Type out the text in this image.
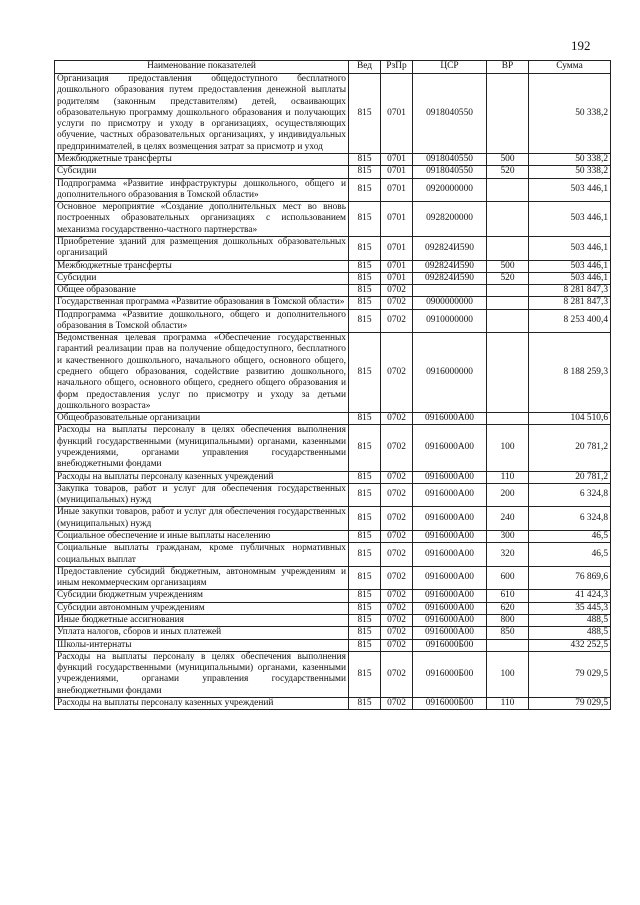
192
Наименование показателей	Вед	РзПр	ЦСР	ВР	Сумма
Организация предоставления общедоступного бесплатного дошкольного образования путем предоставления денежной выплаты родителям (законным представителям) детей, осваивающих образовательную программу дошкольного образования и получающих услуги по присмотру и уходу в организациях, осуществляющих обучение, частных образовательных организациях, у индивидуальных предпринимателей, в целях возмещения затрат за присмотр и уход	815	0701	0918040550		50 338,2
Межбюджетные трансферты	815	0701	0918040550	500	50 338,2
Субсидии	815	0701	0918040550	520	50 338,2
Подпрограмма «Развитие инфраструктуры дошкольного, общего и дополнительного образования в Томской области»	815	0701	0920000000		503 446,1
Основное мероприятие «Создание дополнительных мест во вновь построенных образовательных организациях с использованием механизма государственно-частного партнерства»	815	0701	0928200000		503 446,1
Приобретение зданий для размещения дошкольных образовательных организаций	815	0701	092824И590		503 446,1
Межбюджетные трансферты	815	0701	092824И590	500	503 446,1
Субсидии	815	0701	092824И590	520	503 446,1
Общее образование	815	0702			8 281 847,3
Государственная программа «Развитие образования в Томской области»	815	0702	0900000000		8 281 847,3
Подпрограмма «Развитие дошкольного, общего и дополнительного образования в Томской области»	815	0702	0910000000		8 253 400,4
Ведомственная целевая программа «Обеспечение государственных гарантий реализации прав на получение общедоступного, бесплатного и качественного дошкольного, начального общего, основного общего, среднего общего образования, содействие развитию дошкольного, начального общего, основного общего, среднего общего образования и форм предоставления услуг по присмотру и уходу за детьми дошкольного возраста»	815	0702	0916000000		8 188 259,3
Общеобразовательные организации	815	0702	0916000А00		104 510,6
Расходы на выплаты персоналу в целях обеспечения выполнения функций государственными (муниципальными) органами, казенными учреждениями, органами управления государственными внебюджетными фондами	815	0702	0916000А00	100	20 781,2
Расходы на выплаты персоналу казенных учреждений	815	0702	0916000А00	110	20 781,2
Закупка товаров, работ и услуг для обеспечения государственных (муниципальных) нужд	815	0702	0916000А00	200	6 324,8
Иные закупки товаров, работ и услуг для обеспечения государственных (муниципальных) нужд	815	0702	0916000А00	240	6 324,8
Социальное обеспечение и иные выплаты населению	815	0702	0916000А00	300	46,5
Социальные выплаты гражданам, кроме публичных нормативных социальных выплат	815	0702	0916000А00	320	46,5
Предоставление субсидий бюджетным, автономным учреждениям и иным некоммерческим организациям	815	0702	0916000А00	600	76 869,6
Субсидии бюджетным учреждениям	815	0702	0916000А00	610	41 424,3
Субсидии автономным учреждениям	815	0702	0916000А00	620	35 445,3
Иные бюджетные ассигнования	815	0702	0916000А00	800	488,5
Уплата налогов, сборов и иных платежей	815	0702	0916000А00	850	488,5
Школы-интернаты	815	0702	0916000Б00		432 252,5
Расходы на выплаты персоналу в целях обеспечения выполнения функций государственными (муниципальными) органами, казенными учреждениями, органами управления государственными внебюджетными фондами	815	0702	0916000Б00	100	79 029,5
Расходы на выплаты персоналу казенных учреждений	815	0702	0916000Б00	110	79 029,5
